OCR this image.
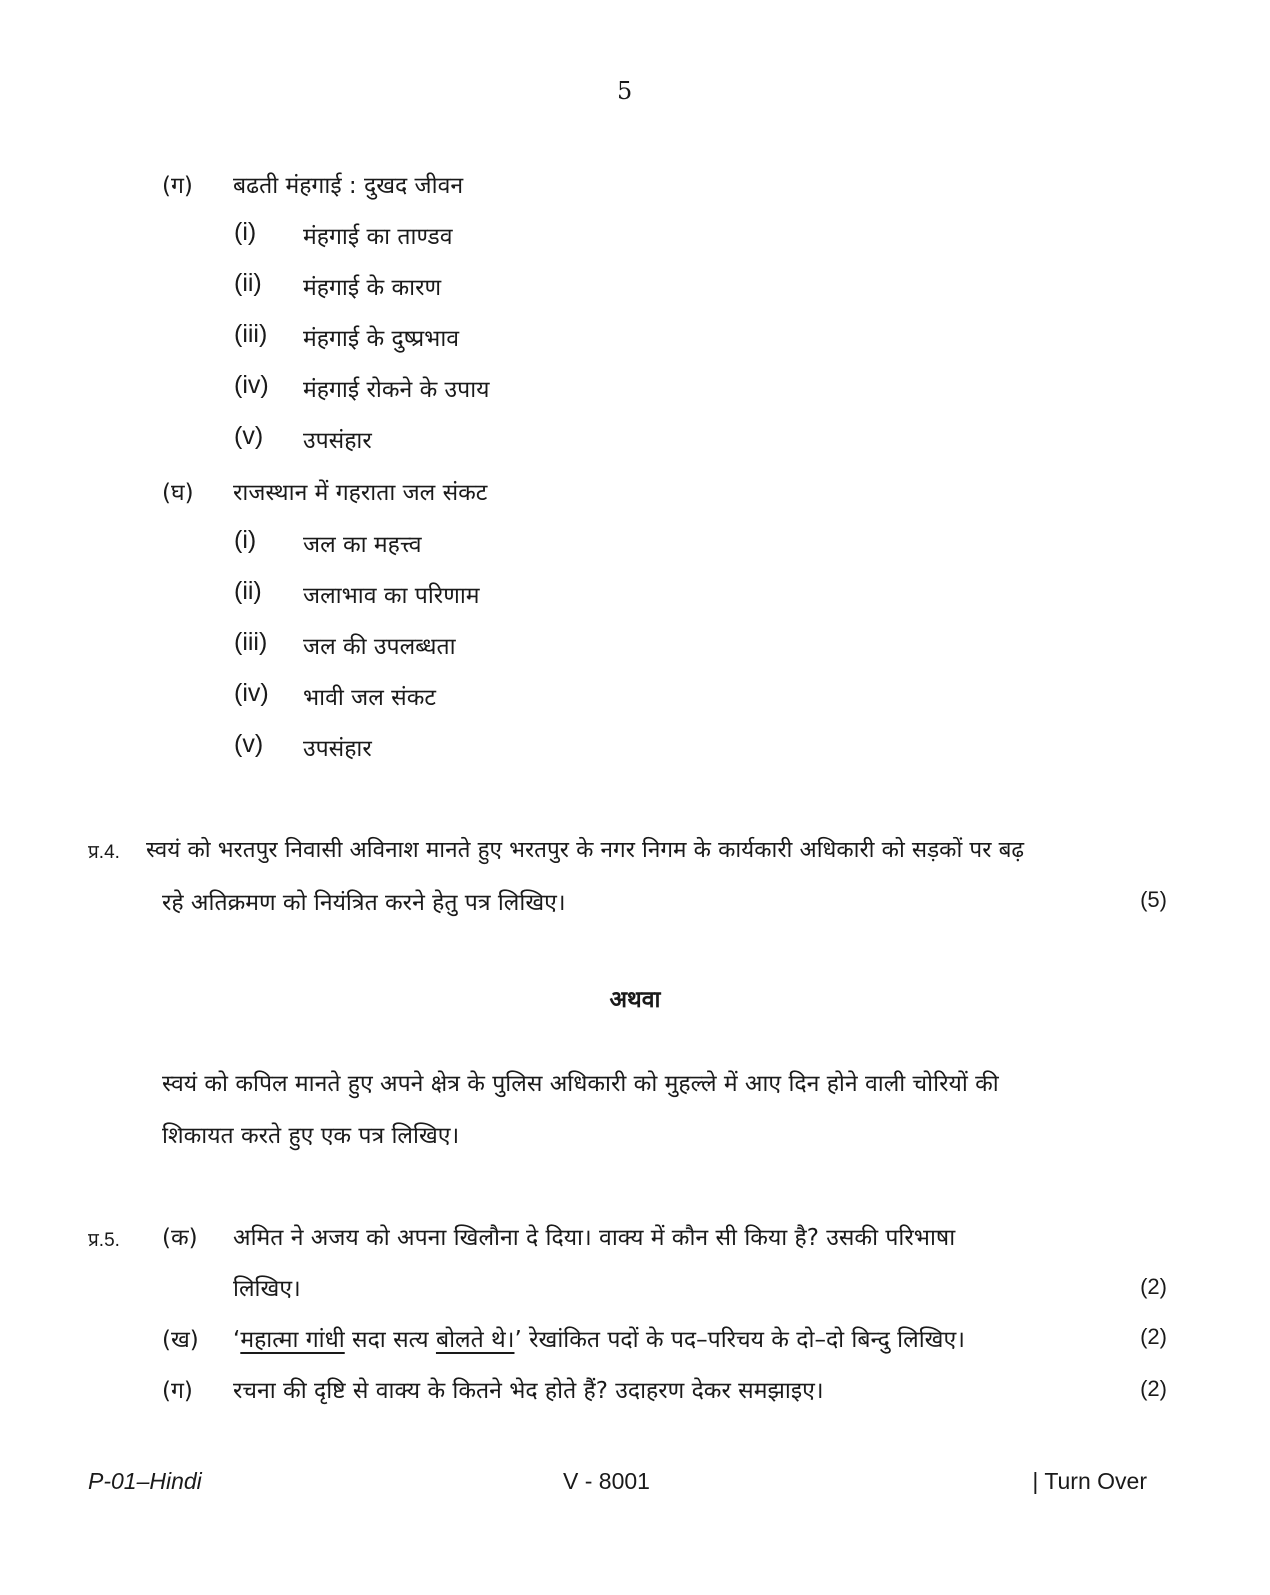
5
(ग) बढती मंहगाई : दुखद जीवन
(i) मंहगाई का ताण्डव
(ii) मंहगाई के कारण
(iii) मंहगाई के दुष्प्रभाव
(iv) मंहगाई रोकने के उपाय
(v) उपसंहार
(घ) राजस्थान में गहराता जल संकट
(i) जल का महत्त्व
(ii) जलाभाव का परिणाम
(iii) जल की उपलब्धता
(iv) भावी जल संकट
(v) उपसंहार
प्र.4. स्वयं को भरतपुर निवासी अविनाश मानते हुए भरतपुर के नगर निगम के कार्यकारी अधिकारी को सड़कों पर बढ़
रहे अतिक्रमण को नियंत्रित करने हेतु पत्र लिखिए।	(5)
अथवा
स्वयं को कपिल मानते हुए अपने क्षेत्र के पुलिस अधिकारी को मुहल्ले में आए दिन होने वाली चोरियों की
शिकायत करते हुए एक पत्र लिखिए।
प्र.5. (क) अमित ने अजय को अपना खिलौना दे दिया। वाक्य में कौन सी किया है? उसकी परिभाषा
लिखिए।	(2)
(ख) ‘महात्मा गांधी सदा सत्य बोलते थे।’ रेखांकित पदों के पद–परिचय के दो–दो बिन्दु लिखिए।	(2)
(ग) रचना की दृष्टि से वाक्य के कितने भेद होते हैं? उदाहरण देकर समझाइए।	(2)
P-01–Hindi	V - 8001	| Turn Over
